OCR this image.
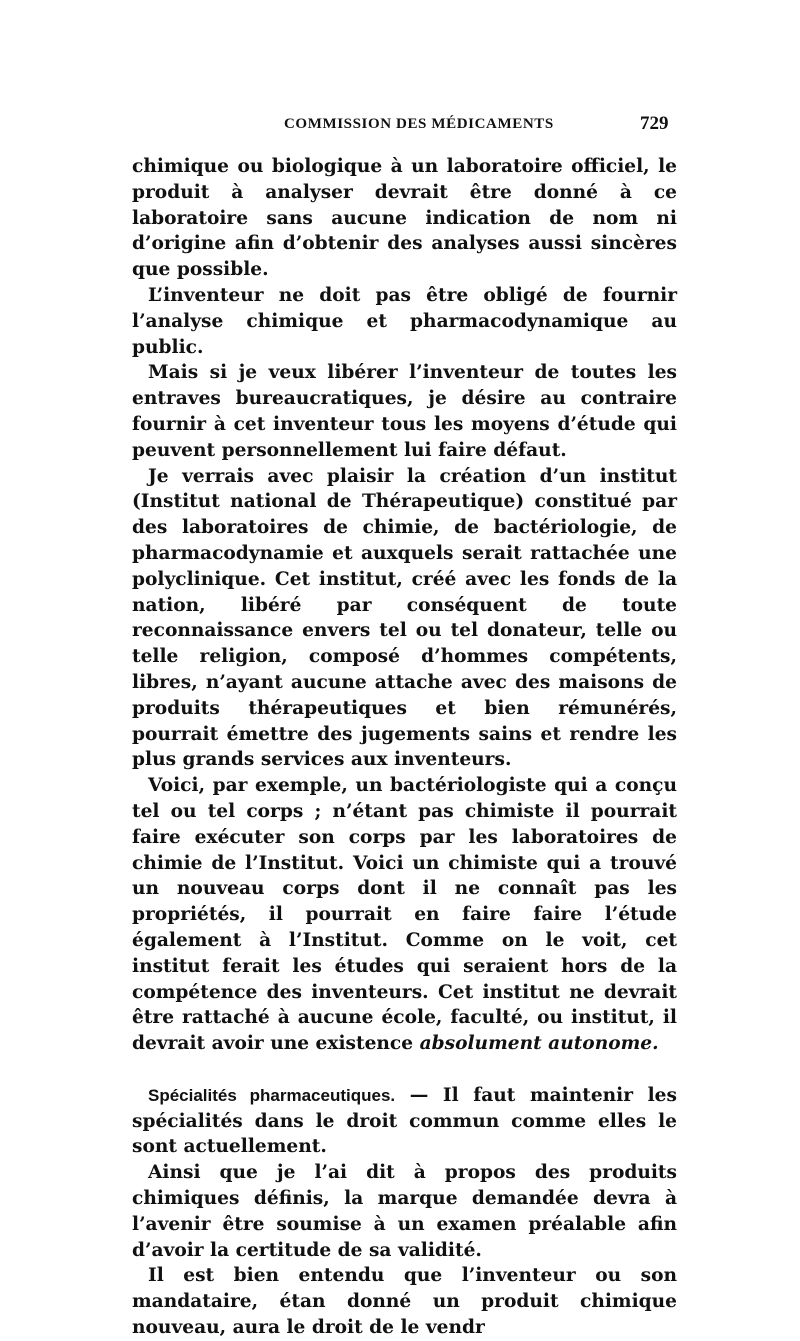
COMMISSION DES MÉDICAMENTS	729

chimique ou biologique à un laboratoire officiel, le produit à analyser devrait être donné à ce laboratoire sans aucune indication de nom ni d’origine afin d’obtenir des analyses aussi sincères que possible.

L’inventeur ne doit pas être obligé de fournir l’analyse chimique et pharmacodynamique au public.

Mais si je veux libérer l’inventeur de toutes les entraves bureaucratiques, je désire au contraire fournir à cet inventeur tous les moyens d’étude qui peuvent personnellement lui faire défaut.

Je verrais avec plaisir la création d’un institut (Institut national de Thérapeutique) constitué par des laboratoires de chimie, de bactériologie, de pharmacodynamie et auxquels serait rattachée une polyclinique. Cet institut, créé avec les fonds de la nation, libéré par conséquent de toute reconnaissance envers tel ou tel donateur, telle ou telle religion, composé d’hommes compétents, libres, n’ayant aucune attache avec des maisons de produits thérapeutiques et bien rémunérés, pourrait émettre des jugements sains et rendre les plus grands services aux inventeurs.

Voici, par exemple, un bactériologiste qui a conçu tel ou tel corps ; n’étant pas chimiste il pourrait faire exécuter son corps par les laboratoires de chimie de l’Institut. Voici un chimiste qui a trouvé un nouveau corps dont il ne connaît pas les propriétés, il pourrait en faire faire l’étude également à l’Institut. Comme on le voit, cet institut ferait les études qui seraient hors de la compétence des inventeurs. Cet institut ne devrait être rattaché à aucune école, faculté, ou institut, il devrait avoir une existence absolument autonome.

Spécialités pharmaceutiques. — Il faut maintenir les spécialités dans le droit commun comme elles le sont actuellement.

Ainsi que je l’ai dit à propos des produits chimiques définis, la marque demandée devra à l’avenir être soumise à un examen préalable afin d’avoir la certitude de sa validité.

Il est bien entendu que l’inventeur ou son mandataire, étan donné un produit chimique nouveau, aura le droit de le vendr
